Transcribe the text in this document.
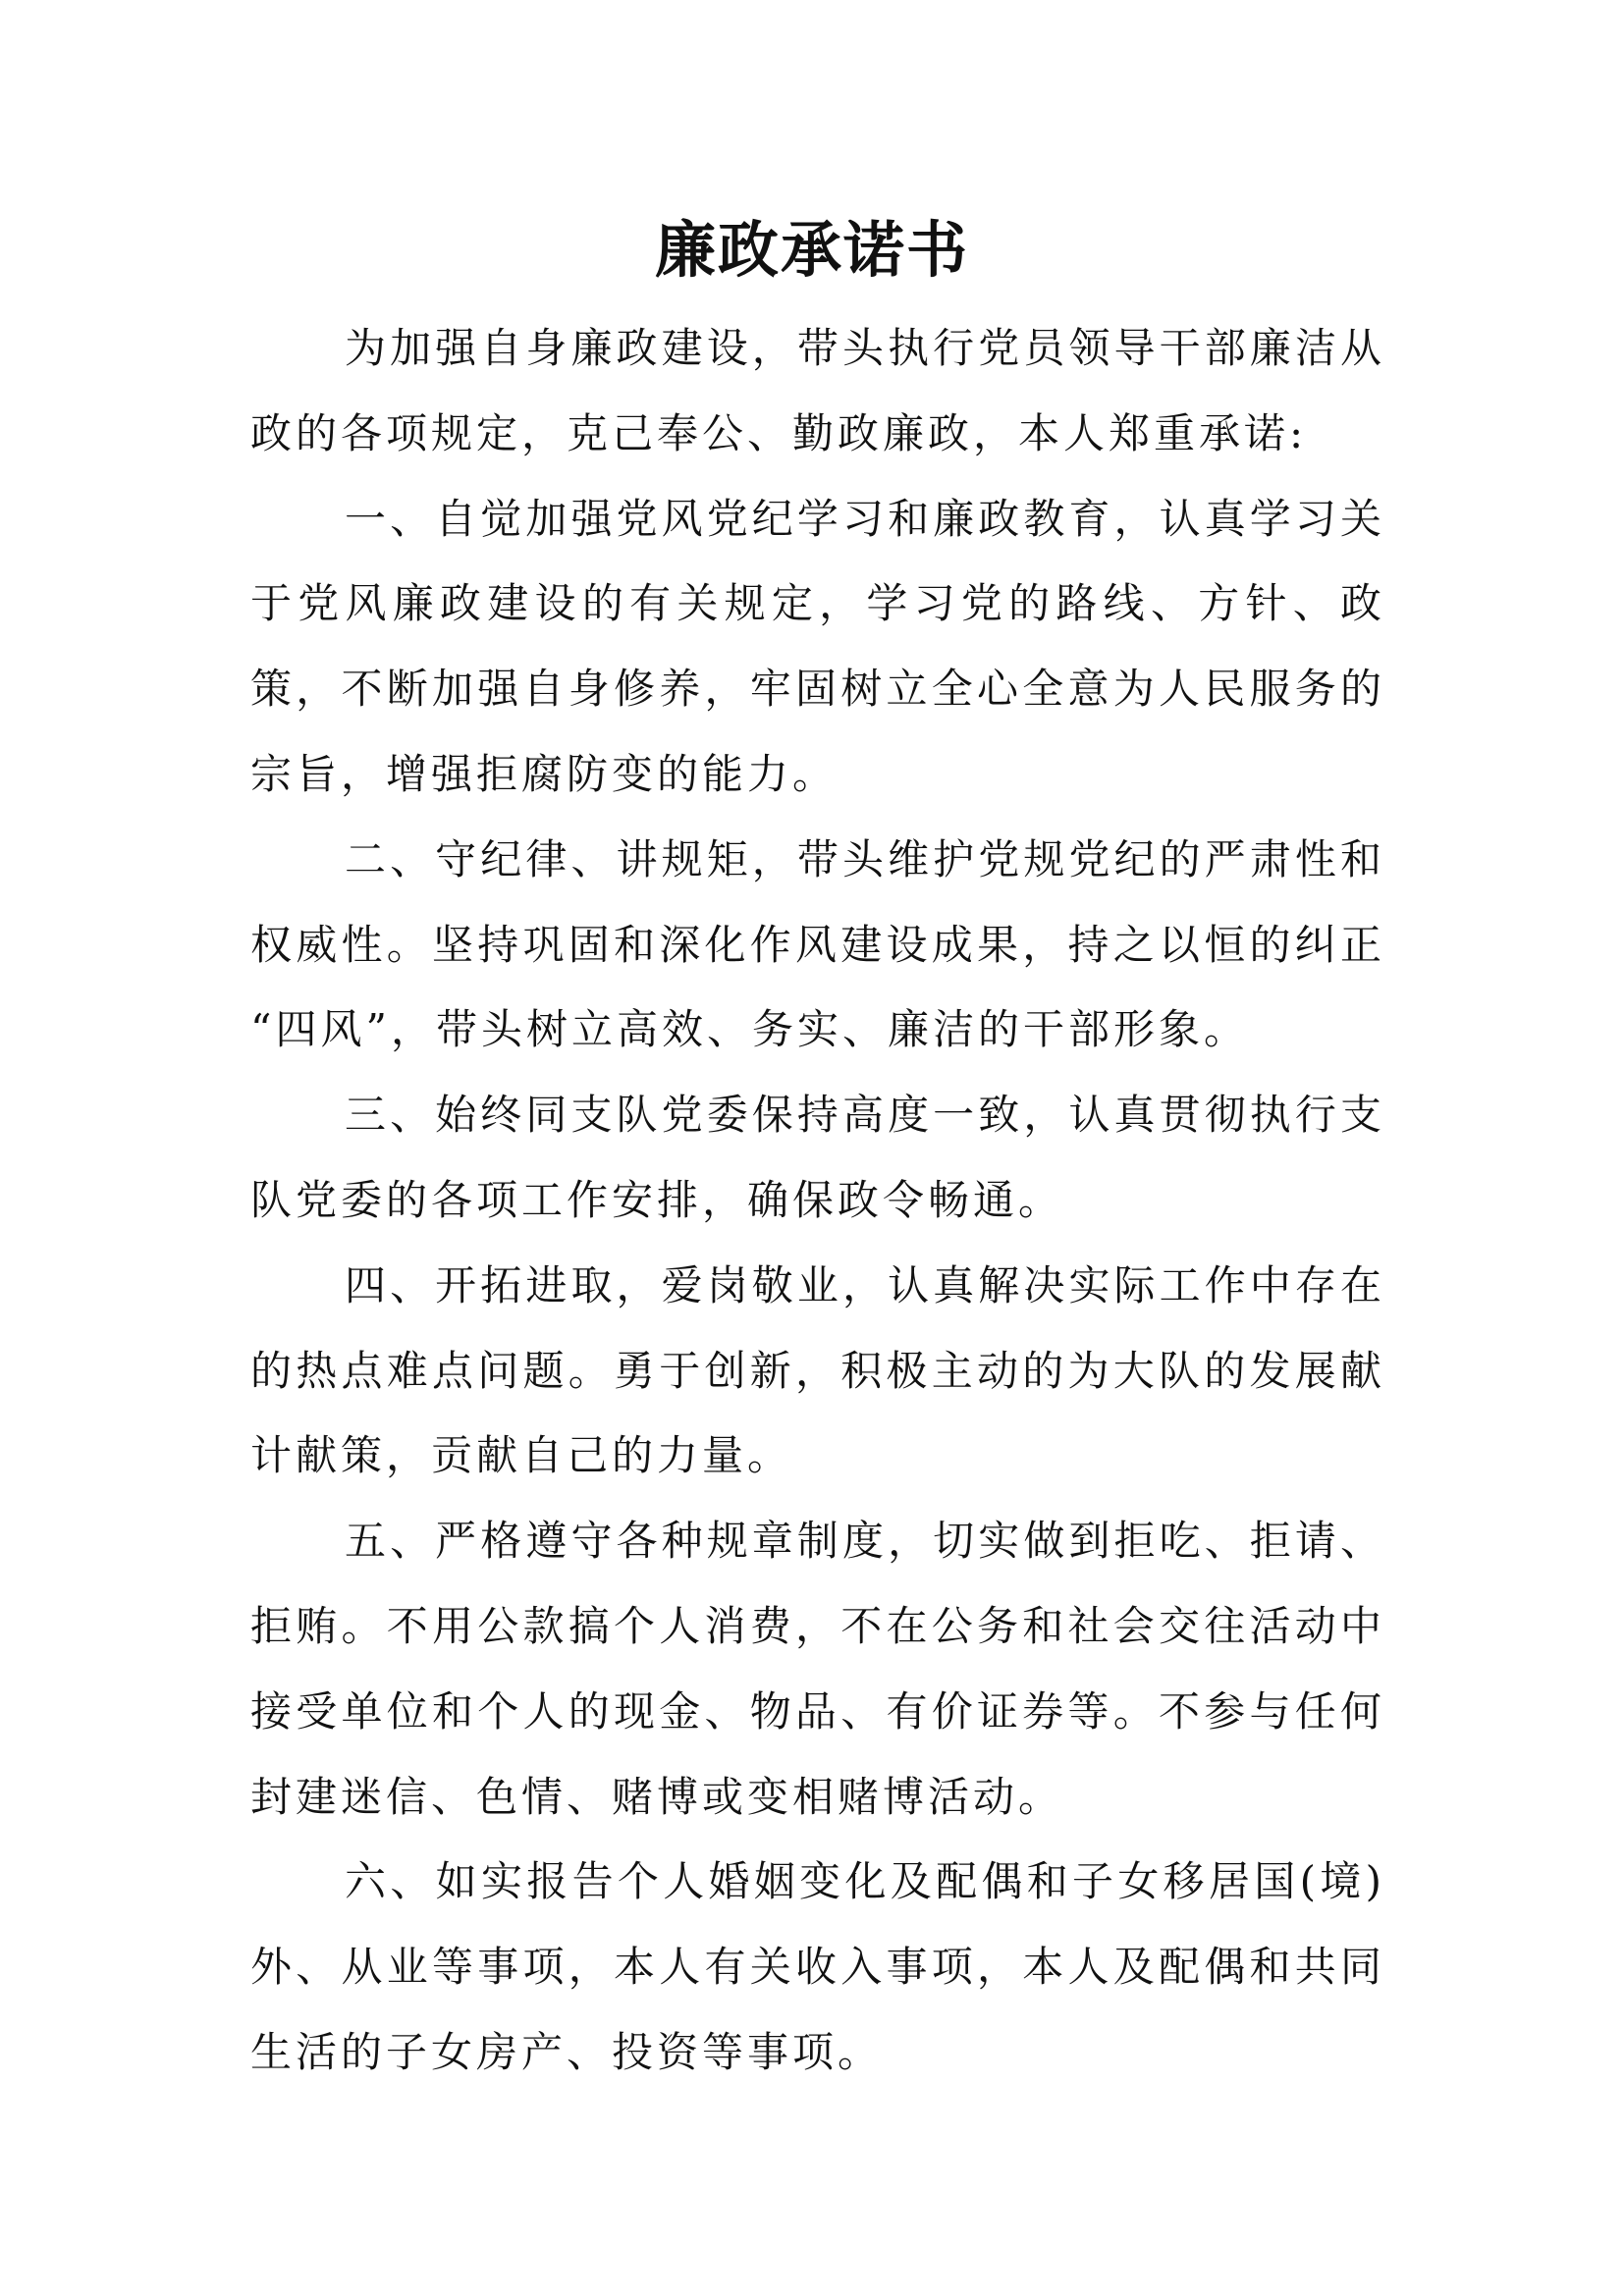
廉政承诺书
为加强自身廉政建设，带头执行党员领导干部廉洁从
政的各项规定，克己奉公、勤政廉政，本人郑重承诺:
一、自觉加强党风党纪学习和廉政教育，认真学习关
于党风廉政建设的有关规定，学习党的路线、方针、政
策，不断加强自身修养，牢固树立全心全意为人民服务的
宗旨，增强拒腐防变的能力。
二、守纪律、讲规矩，带头维护党规党纪的严肃性和
权威性。坚持巩固和深化作风建设成果，持之以恒的纠正
“四风”，带头树立高效、务实、廉洁的干部形象。
三、始终同支队党委保持高度一致，认真贯彻执行支
队党委的各项工作安排，确保政令畅通。
四、开拓进取，爱岗敬业，认真解决实际工作中存在
的热点难点问题。勇于创新，积极主动的为大队的发展献
计献策，贡献自己的力量。
五、严格遵守各种规章制度，切实做到拒吃、拒请、
拒贿。不用公款搞个人消费，不在公务和社会交往活动中
接受单位和个人的现金、物品、有价证券等。不参与任何
封建迷信、色情、赌博或变相赌博活动。
六、如实报告个人婚姻变化及配偶和子女移居国(境)
外、从业等事项，本人有关收入事项，本人及配偶和共同
生活的子女房产、投资等事项。
